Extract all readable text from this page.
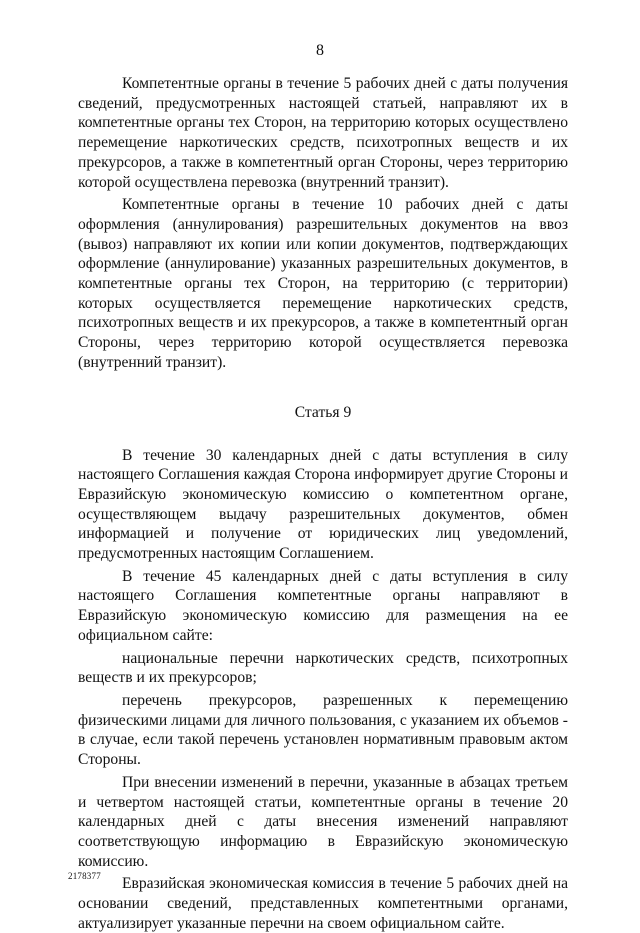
8

Компетентные органы в течение 5 рабочих дней с даты получения сведений, предусмотренных настоящей статьей, направляют их в компетентные органы тех Сторон, на территорию которых осуществлено перемещение наркотических средств, психотропных веществ и их прекурсоров, а также в компетентный орган Стороны, через территорию которой осуществлена перевозка (внутренний транзит).

Компетентные органы в течение 10 рабочих дней с даты оформления (аннулирования) разрешительных документов на ввоз (вывоз) направляют их копии или копии документов, подтверждающих оформление (аннулирование) указанных разрешительных документов, в компетентные органы тех Сторон, на территорию (с территории) которых осуществляется перемещение наркотических средств, психотропных веществ и их прекурсоров, а также в компетентный орган Стороны, через территорию которой осуществляется перевозка (внутренний транзит).

Статья 9

В течение 30 календарных дней с даты вступления в силу настоящего Соглашения каждая Сторона информирует другие Стороны и Евразийскую экономическую комиссию о компетентном органе, осуществляющем выдачу разрешительных документов, обмен информацией и получение от юридических лиц уведомлений, предусмотренных настоящим Соглашением.

В течение 45 календарных дней с даты вступления в силу настоящего Соглашения компетентные органы направляют в Евразийскую экономическую комиссию для размещения на ее официальном сайте:

национальные перечни наркотических средств, психотропных веществ и их прекурсоров;

перечень прекурсоров, разрешенных к перемещению физическими лицами для личного пользования, с указанием их объемов - в случае, если такой перечень установлен нормативным правовым актом Стороны.

При внесении изменений в перечни, указанные в абзацах третьем и четвертом настоящей статьи, компетентные органы в течение 20 календарных дней с даты внесения изменений направляют соответствующую информацию в Евразийскую экономическую комиссию.

Евразийская экономическая комиссия в течение 5 рабочих дней на основании сведений, представленных компетентными органами, актуализирует указанные перечни на своем официальном сайте.

2178377
